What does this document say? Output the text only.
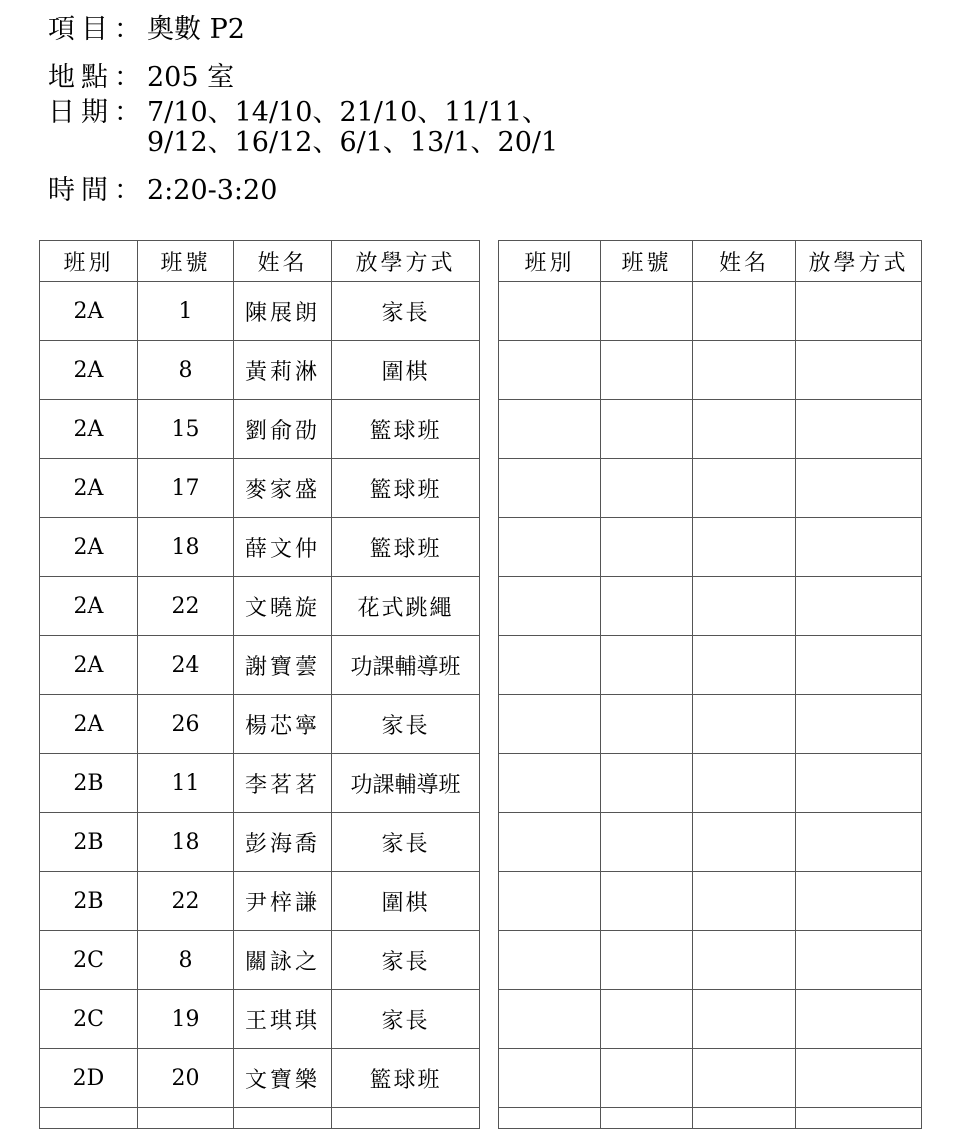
項目： 奧數 P2
地點： 205 室
日期： 7/10、14/10、21/10、11/11、
9/12、16/12、6/1、13/1、20/1
時間： 2:20-3:20
班別	班號	姓名	放學方式
2A	1	陳展朗	家長
2A	8	黃莉淋	圍棋
2A	15	劉俞劭	籃球班
2A	17	麥家盛	籃球班
2A	18	薛文仲	籃球班
2A	22	文曉旋	花式跳繩
2A	24	謝寶蕓	功課輔導班
2A	26	楊芯寧	家長
2B	11	李茗茗	功課輔導班
2B	18	彭海喬	家長
2B	22	尹梓謙	圍棋
2C	8	關詠之	家長
2C	19	王琪琪	家長
2D	20	文寶樂	籃球班

班別	班號	姓名	放學方式
